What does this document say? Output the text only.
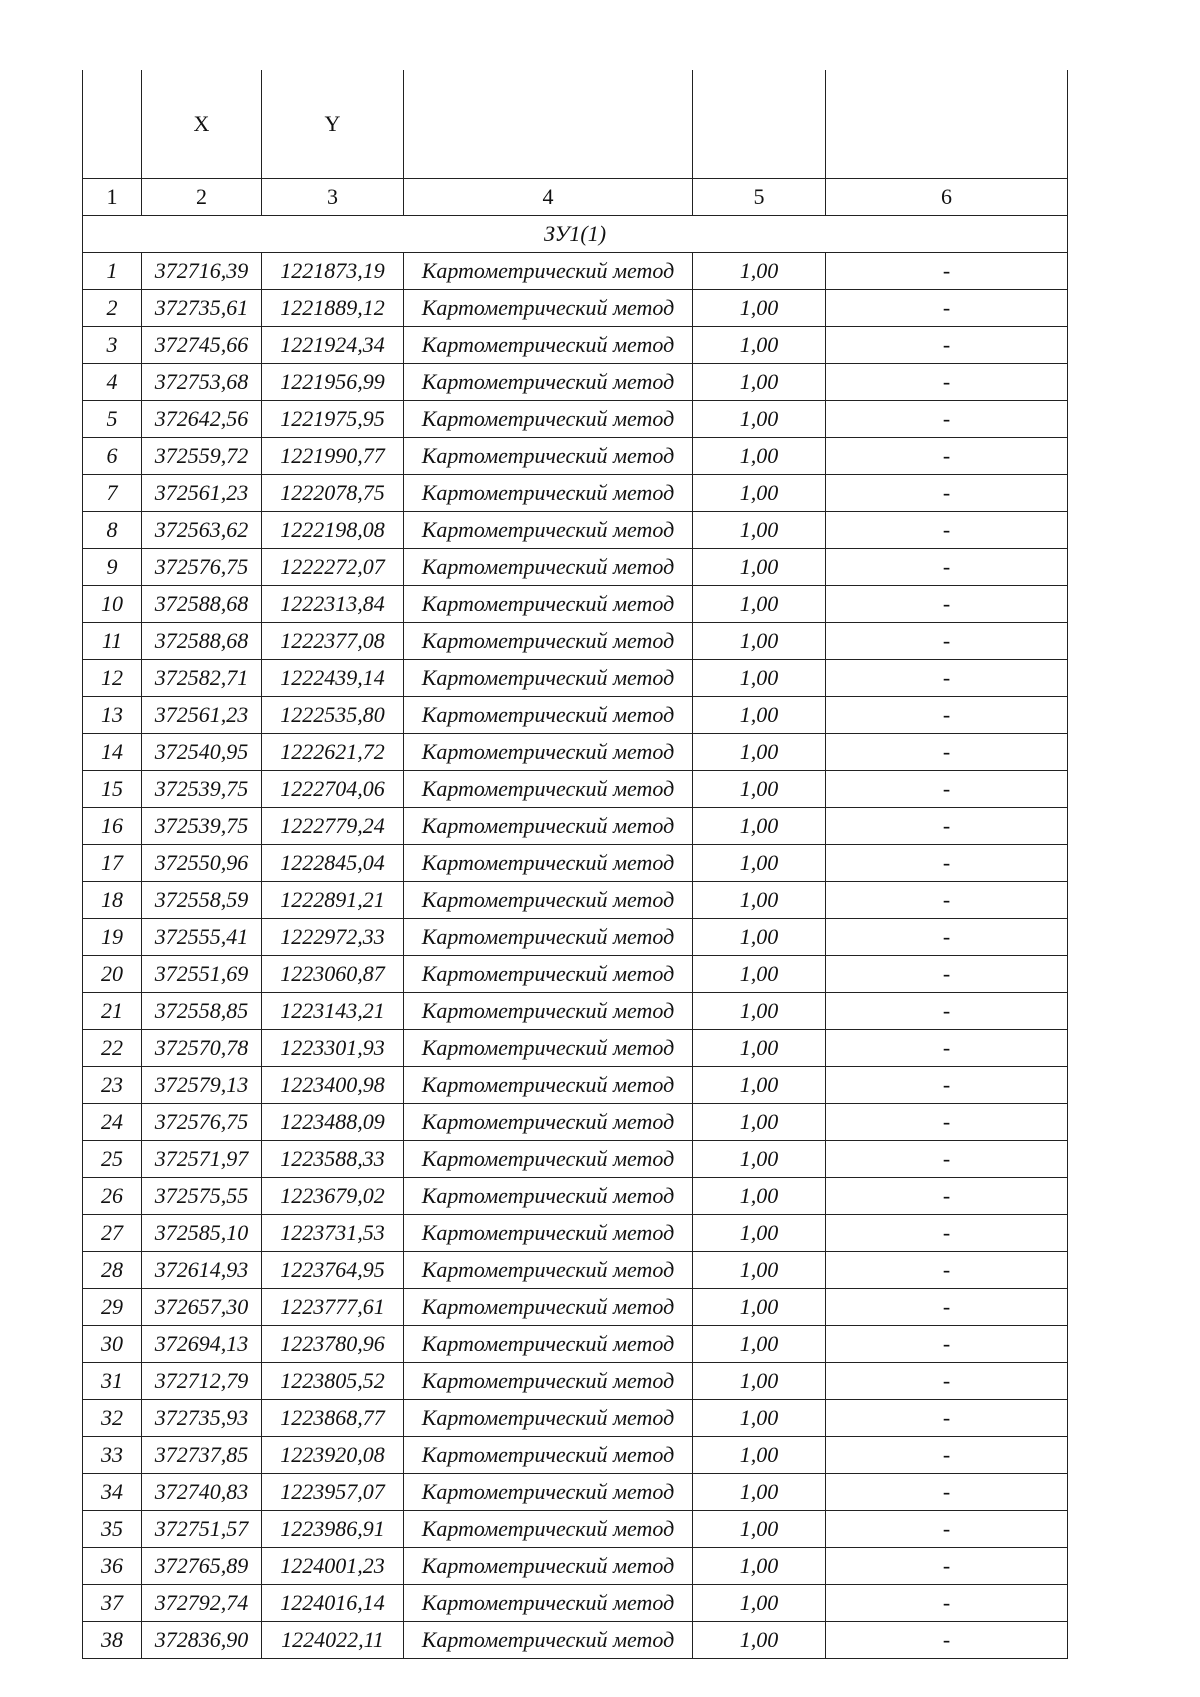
	X	Y			
1	2	3	4	5	6
ЗУ1(1)					
1	372716,39	1221873,19	Картометрический метод	1,00	-
2	372735,61	1221889,12	Картометрический метод	1,00	-
3	372745,66	1221924,34	Картометрический метод	1,00	-
4	372753,68	1221956,99	Картометрический метод	1,00	-
5	372642,56	1221975,95	Картометрический метод	1,00	-
6	372559,72	1221990,77	Картометрический метод	1,00	-
7	372561,23	1222078,75	Картометрический метод	1,00	-
8	372563,62	1222198,08	Картометрический метод	1,00	-
9	372576,75	1222272,07	Картометрический метод	1,00	-
10	372588,68	1222313,84	Картометрический метод	1,00	-
11	372588,68	1222377,08	Картометрический метод	1,00	-
12	372582,71	1222439,14	Картометрический метод	1,00	-
13	372561,23	1222535,80	Картометрический метод	1,00	-
14	372540,95	1222621,72	Картометрический метод	1,00	-
15	372539,75	1222704,06	Картометрический метод	1,00	-
16	372539,75	1222779,24	Картометрический метод	1,00	-
17	372550,96	1222845,04	Картометрический метод	1,00	-
18	372558,59	1222891,21	Картометрический метод	1,00	-
19	372555,41	1222972,33	Картометрический метод	1,00	-
20	372551,69	1223060,87	Картометрический метод	1,00	-
21	372558,85	1223143,21	Картометрический метод	1,00	-
22	372570,78	1223301,93	Картометрический метод	1,00	-
23	372579,13	1223400,98	Картометрический метод	1,00	-
24	372576,75	1223488,09	Картометрический метод	1,00	-
25	372571,97	1223588,33	Картометрический метод	1,00	-
26	372575,55	1223679,02	Картометрический метод	1,00	-
27	372585,10	1223731,53	Картометрический метод	1,00	-
28	372614,93	1223764,95	Картометрический метод	1,00	-
29	372657,30	1223777,61	Картометрический метод	1,00	-
30	372694,13	1223780,96	Картометрический метод	1,00	-
31	372712,79	1223805,52	Картометрический метод	1,00	-
32	372735,93	1223868,77	Картометрический метод	1,00	-
33	372737,85	1223920,08	Картометрический метод	1,00	-
34	372740,83	1223957,07	Картометрический метод	1,00	-
35	372751,57	1223986,91	Картометрический метод	1,00	-
36	372765,89	1224001,23	Картометрический метод	1,00	-
37	372792,74	1224016,14	Картометрический метод	1,00	-
38	372836,90	1224022,11	Картометрический метод	1,00	-
